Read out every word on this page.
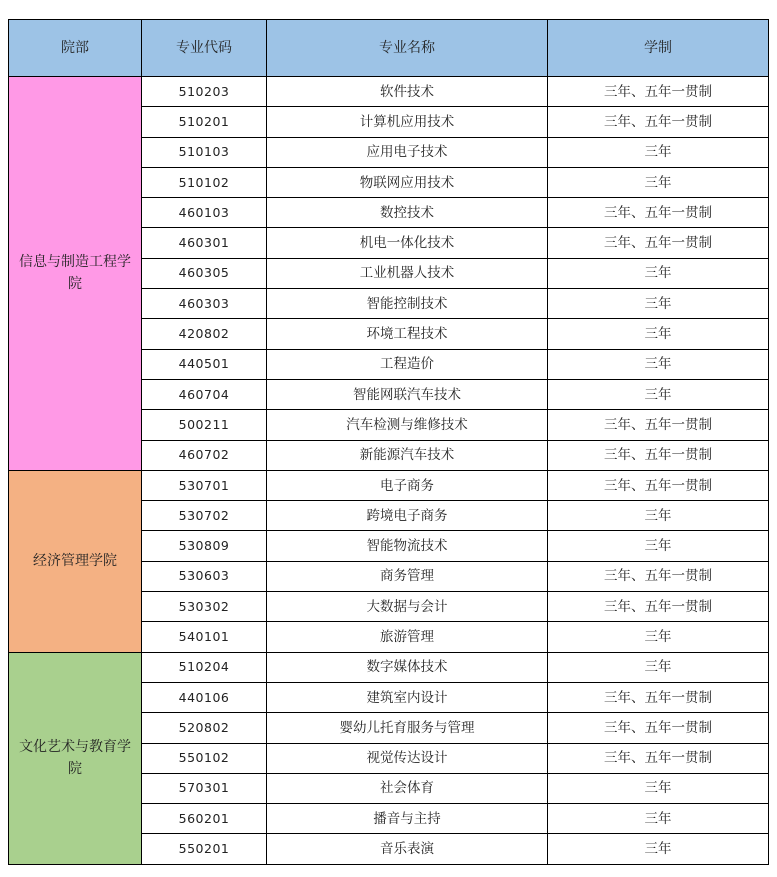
院部	专业代码	专业名称	学制
信息与制造工程学院	510203	软件技术	三年、五年一贯制
	510201	计算机应用技术	三年、五年一贯制
	510103	应用电子技术	三年
	510102	物联网应用技术	三年
	460103	数控技术	三年、五年一贯制
	460301	机电一体化技术	三年、五年一贯制
	460305	工业机器人技术	三年
	460303	智能控制技术	三年
	420802	环境工程技术	三年
	440501	工程造价	三年
	460704	智能网联汽车技术	三年
	500211	汽车检测与维修技术	三年、五年一贯制
	460702	新能源汽车技术	三年、五年一贯制
经济管理学院	530701	电子商务	三年、五年一贯制
	530702	跨境电子商务	三年
	530809	智能物流技术	三年
	530603	商务管理	三年、五年一贯制
	530302	大数据与会计	三年、五年一贯制
	540101	旅游管理	三年
文化艺术与教育学院	510204	数字媒体技术	三年
	440106	建筑室内设计	三年、五年一贯制
	520802	婴幼儿托育服务与管理	三年、五年一贯制
	550102	视觉传达设计	三年、五年一贯制
	570301	社会体育	三年
	560201	播音与主持	三年
	550201	音乐表演	三年
